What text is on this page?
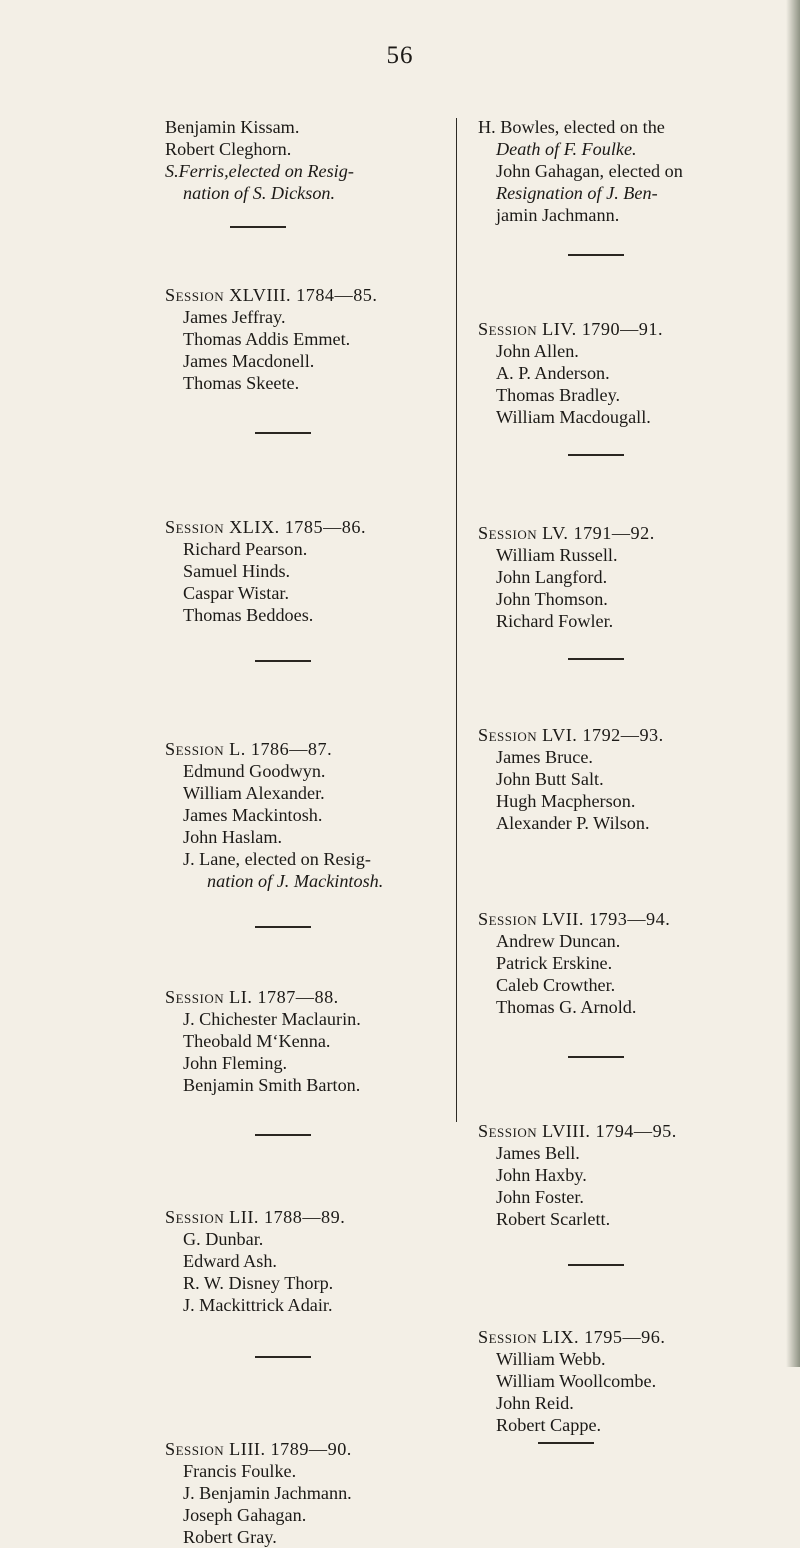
56
Benjamin Kissam.
Robert Cleghorn.
S.Ferris,elected on Resig-
nation of S. Dickson.
Session XLVIII. 1784—85.
James Jeffray.
Thomas Addis Emmet.
James Macdonell.
Thomas Skeete.
Session XLIX. 1785—86.
Richard Pearson.
Samuel Hinds.
Caspar Wistar.
Thomas Beddoes.
Session L. 1786—87.
Edmund Goodwyn.
William Alexander.
James Mackintosh.
John Haslam.
J. Lane, elected on Resig-
nation of J. Mackintosh.
Session LI. 1787—88.
J. Chichester Maclaurin.
Theobald M‘Kenna.
John Fleming.
Benjamin Smith Barton.
Session LII. 1788—89.
G. Dunbar.
Edward Ash.
R. W. Disney Thorp.
J. Mackittrick Adair.
Session LIII. 1789—90.
Francis Foulke.
J. Benjamin Jachmann.
Joseph Gahagan.
Robert Gray.
H. Bowles, elected on the
Death of F. Foulke.
John Gahagan, elected on
Resignation of J. Ben-
jamin Jachmann.
Session LIV. 1790—91.
John Allen.
A. P. Anderson.
Thomas Bradley.
William Macdougall.
Session LV. 1791—92.
William Russell.
John Langford.
John Thomson.
Richard Fowler.
Session LVI. 1792—93.
James Bruce.
John Butt Salt.
Hugh Macpherson.
Alexander P. Wilson.
Session LVII. 1793—94.
Andrew Duncan.
Patrick Erskine.
Caleb Crowther.
Thomas G. Arnold.
Session LVIII. 1794—95.
James Bell.
John Haxby.
John Foster.
Robert Scarlett.
Session LIX. 1795—96.
William Webb.
William Woollcombe.
John Reid.
Robert Cappe.
